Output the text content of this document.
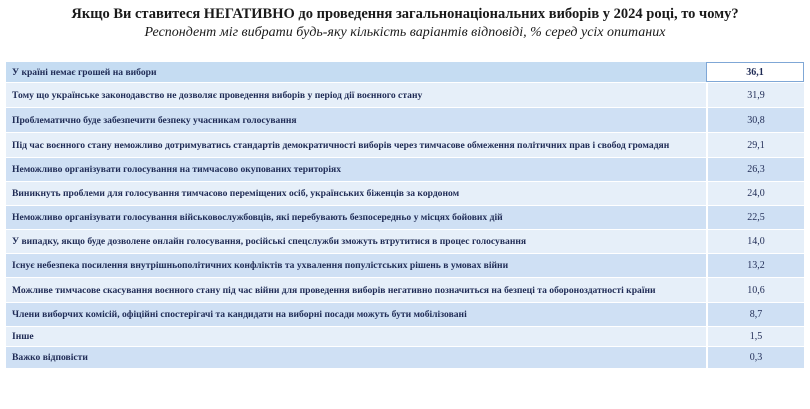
Якщо Ви ставитеся НЕГАТИВНО до проведення загальнонаціональних виборів у 2024 році, то чому?
Респондент міг вибрати будь-яку кількість варіантів відповіді, % серед усіх опитаних
У країні немає грошей на вибори	36,1
Тому що українське законодавство не дозволяє проведення виборів у період дії воєнного стану	31,9
Проблематично буде забезпечити безпеку учасникам голосування	30,8
Під час воєнного стану неможливо дотримуватись стандартів демократичності виборів через тимчасове обмеження політичних прав і свобод громадян	29,1
Неможливо організувати голосування на тимчасово окупованих територіях	26,3
Виникнуть проблеми для голосування тимчасово переміщених осіб, українських біженців за кордоном	24,0
Неможливо організувати голосування військовослужбовців, які перебувають безпосередньо у місцях бойових дій	22,5
У випадку, якщо буде дозволене онлайн голосування, російські спецслужби зможуть втрутитися в процес голосування	14,0
Існує небезпека посилення внутрішньополітичних конфліктів та ухвалення популістських рішень в умовах війни	13,2
Можливе тимчасове скасування воєнного стану під час війни для проведення виборів негативно позначиться на безпеці та обороноздатності країни	10,6
Члени виборчих комісій, офіційні спостерігачі та кандидати на виборні посади можуть бути мобілізовані	8,7
Інше	1,5
Важко відповісти	0,3
